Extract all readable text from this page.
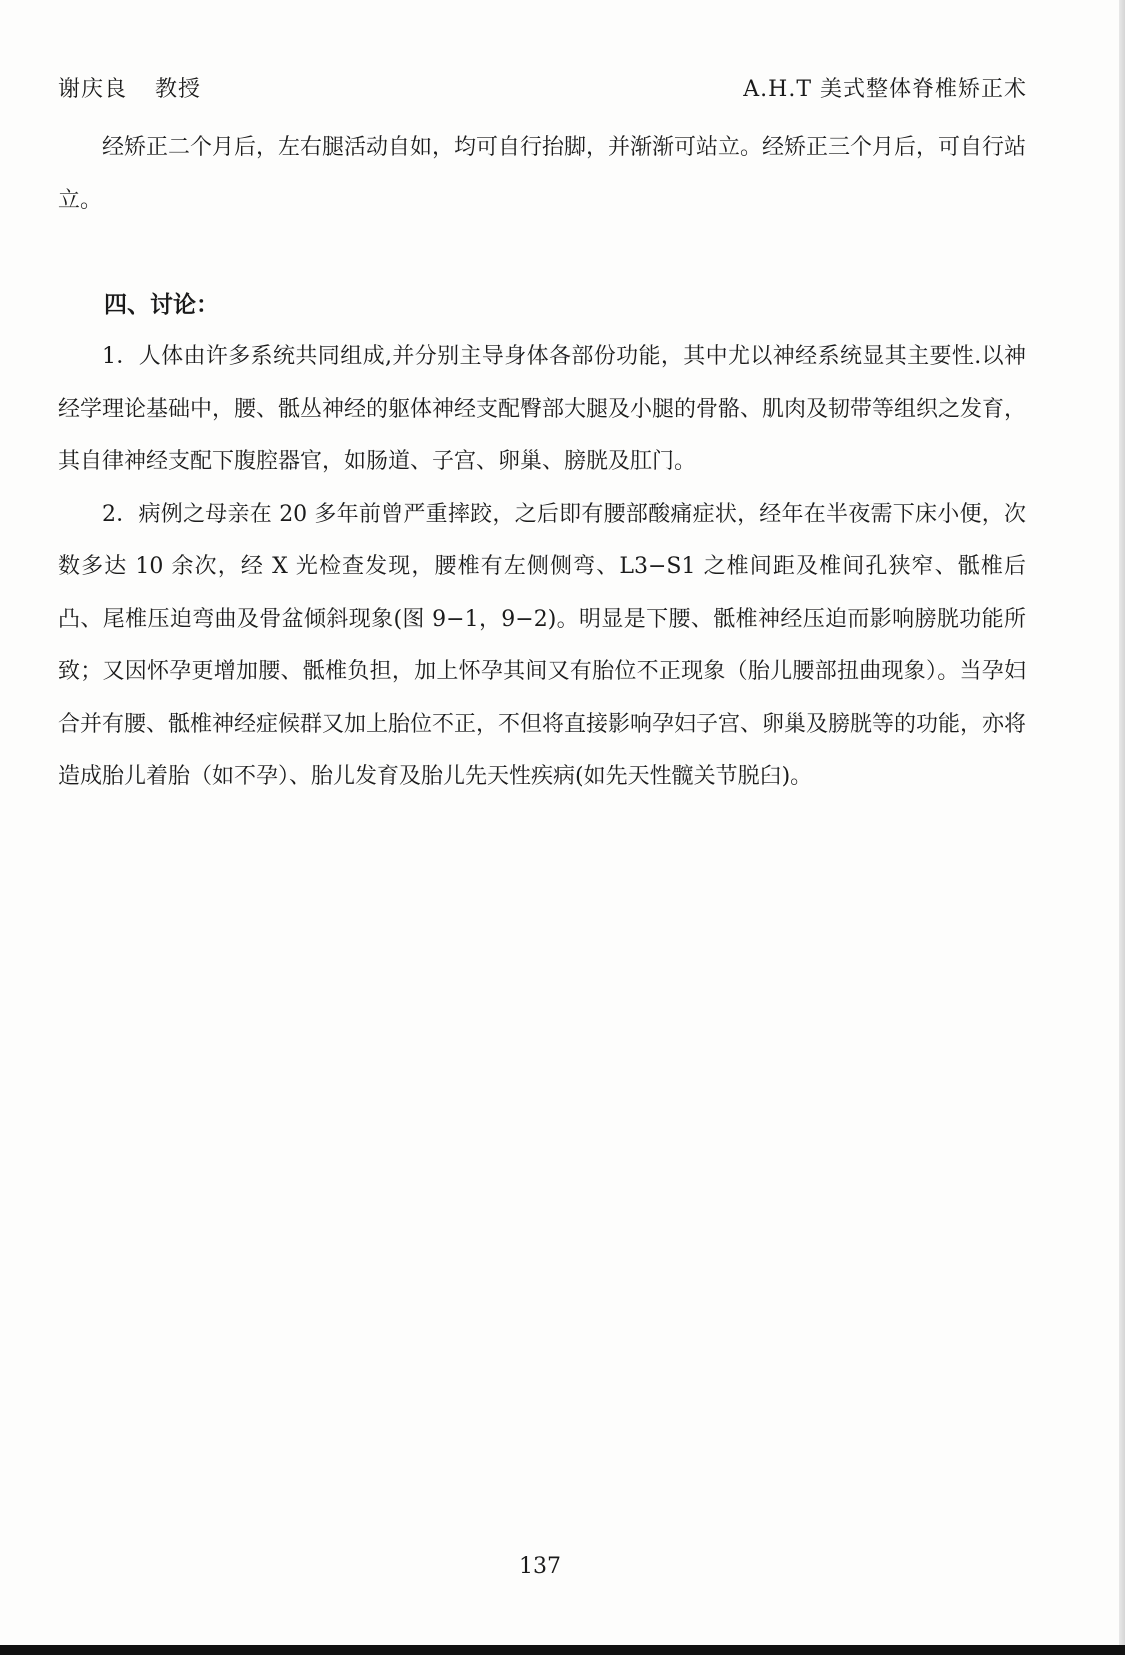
谢庆良 教授	A.H.T 美式整体脊椎矫正术

经矫正二个月后，左右腿活动自如，均可自行抬脚，并渐渐可站立。经矫正三个月后，可自行站立。

四、讨论：

1．人体由许多系统共同组成,并分别主导身体各部份功能，其中尤以神经系统显其主要性.以神经学理论基础中，腰、骶丛神经的躯体神经支配臀部大腿及小腿的骨骼、肌肉及韧带等组织之发育，其自律神经支配下腹腔器官，如肠道、子宫、卵巢、膀胱及肛门。

2．病例之母亲在 20 多年前曾严重摔跤，之后即有腰部酸痛症状，经年在半夜需下床小便，次数多达 10 余次，经 X 光检查发现，腰椎有左侧侧弯、L3−S1 之椎间距及椎间孔狭窄、骶椎后凸、尾椎压迫弯曲及骨盆倾斜现象(图 9−1，9−2)。明显是下腰、骶椎神经压迫而影响膀胱功能所致；又因怀孕更增加腰、骶椎负担，加上怀孕其间又有胎位不正现象（胎儿腰部扭曲现象）。当孕妇合并有腰、骶椎神经症候群又加上胎位不正，不但将直接影响孕妇子宫、卵巢及膀胱等的功能，亦将造成胎儿着胎（如不孕）、胎儿发育及胎儿先天性疾病(如先天性髋关节脱臼)。

137
